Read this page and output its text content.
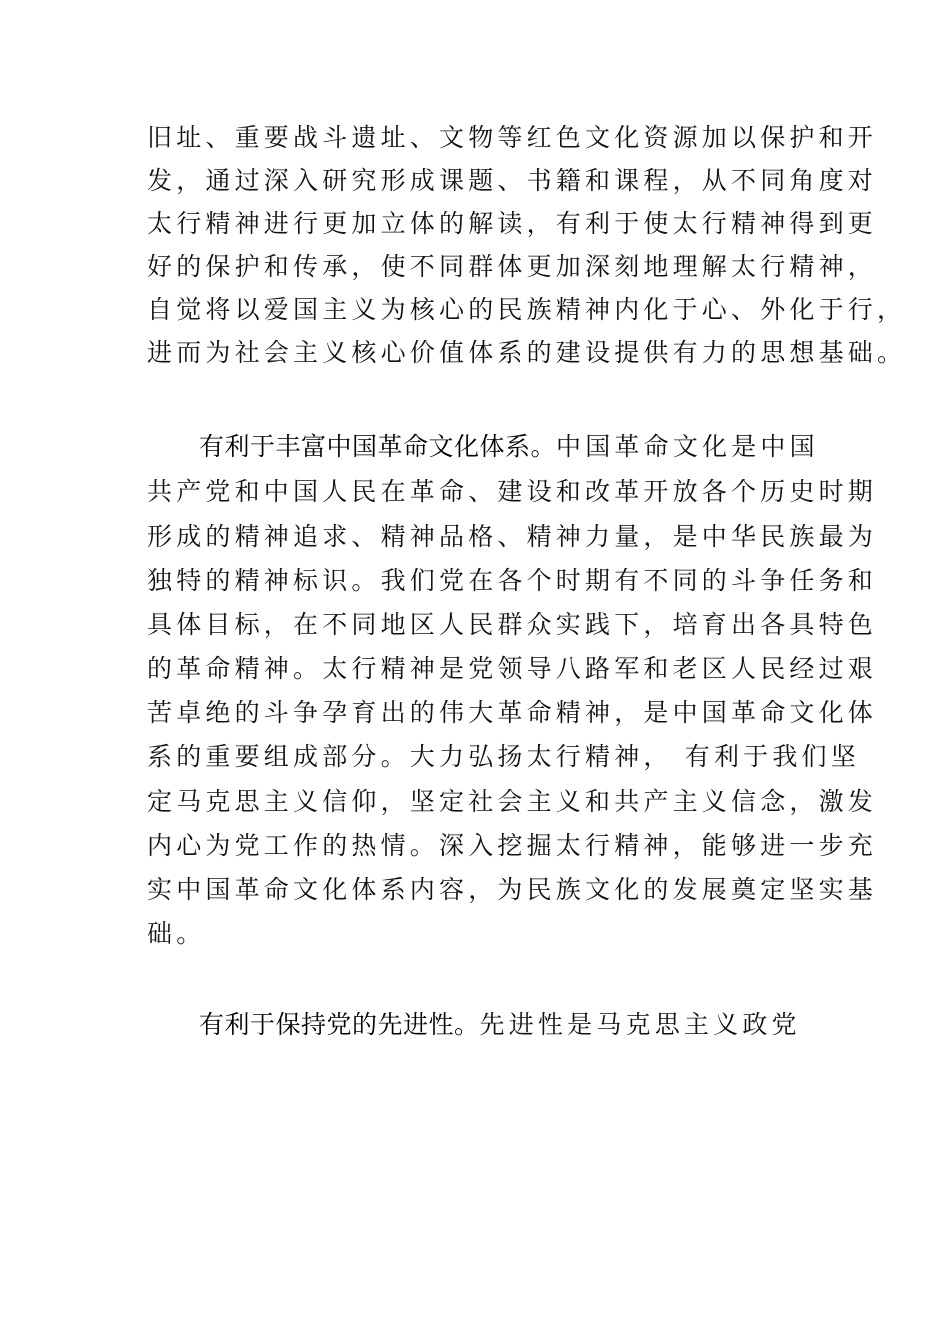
旧址、重要战斗遗址、文物等红色文化资源加以保护和开
发，通过深入研究形成课题、书籍和课程，从不同角度对
太行精神进行更加立体的解读，有利于使太行精神得到更
好的保护和传承，使不同群体更加深刻地理解太行精神，
自觉将以爱国主义为核心的民族精神内化于心、外化于行，
进而为社会主义核心价值体系的建设提供有力的思想基础。
有利于丰富中国革命文化体系。中国革命文化是中国
共产党和中国人民在革命、建设和改革开放各个历史时期
形成的精神追求、精神品格、精神力量，是中华民族最为
独特的精神标识。我们党在各个时期有不同的斗争任务和
具体目标，在不同地区人民群众实践下，培育出各具特色
的革命精神。太行精神是党领导八路军和老区人民经过艰
苦卓绝的斗争孕育出的伟大革命精神，是中国革命文化体
系的重要组成部分。大力弘扬太行精神， 有利于我们坚
定马克思主义信仰，坚定社会主义和共产主义信念，激发
内心为党工作的热情。深入挖掘太行精神，能够进一步充
实中国革命文化体系内容，为民族文化的发展奠定坚实基
础。
有利于保持党的先进性。先进性是马克思主义政党
